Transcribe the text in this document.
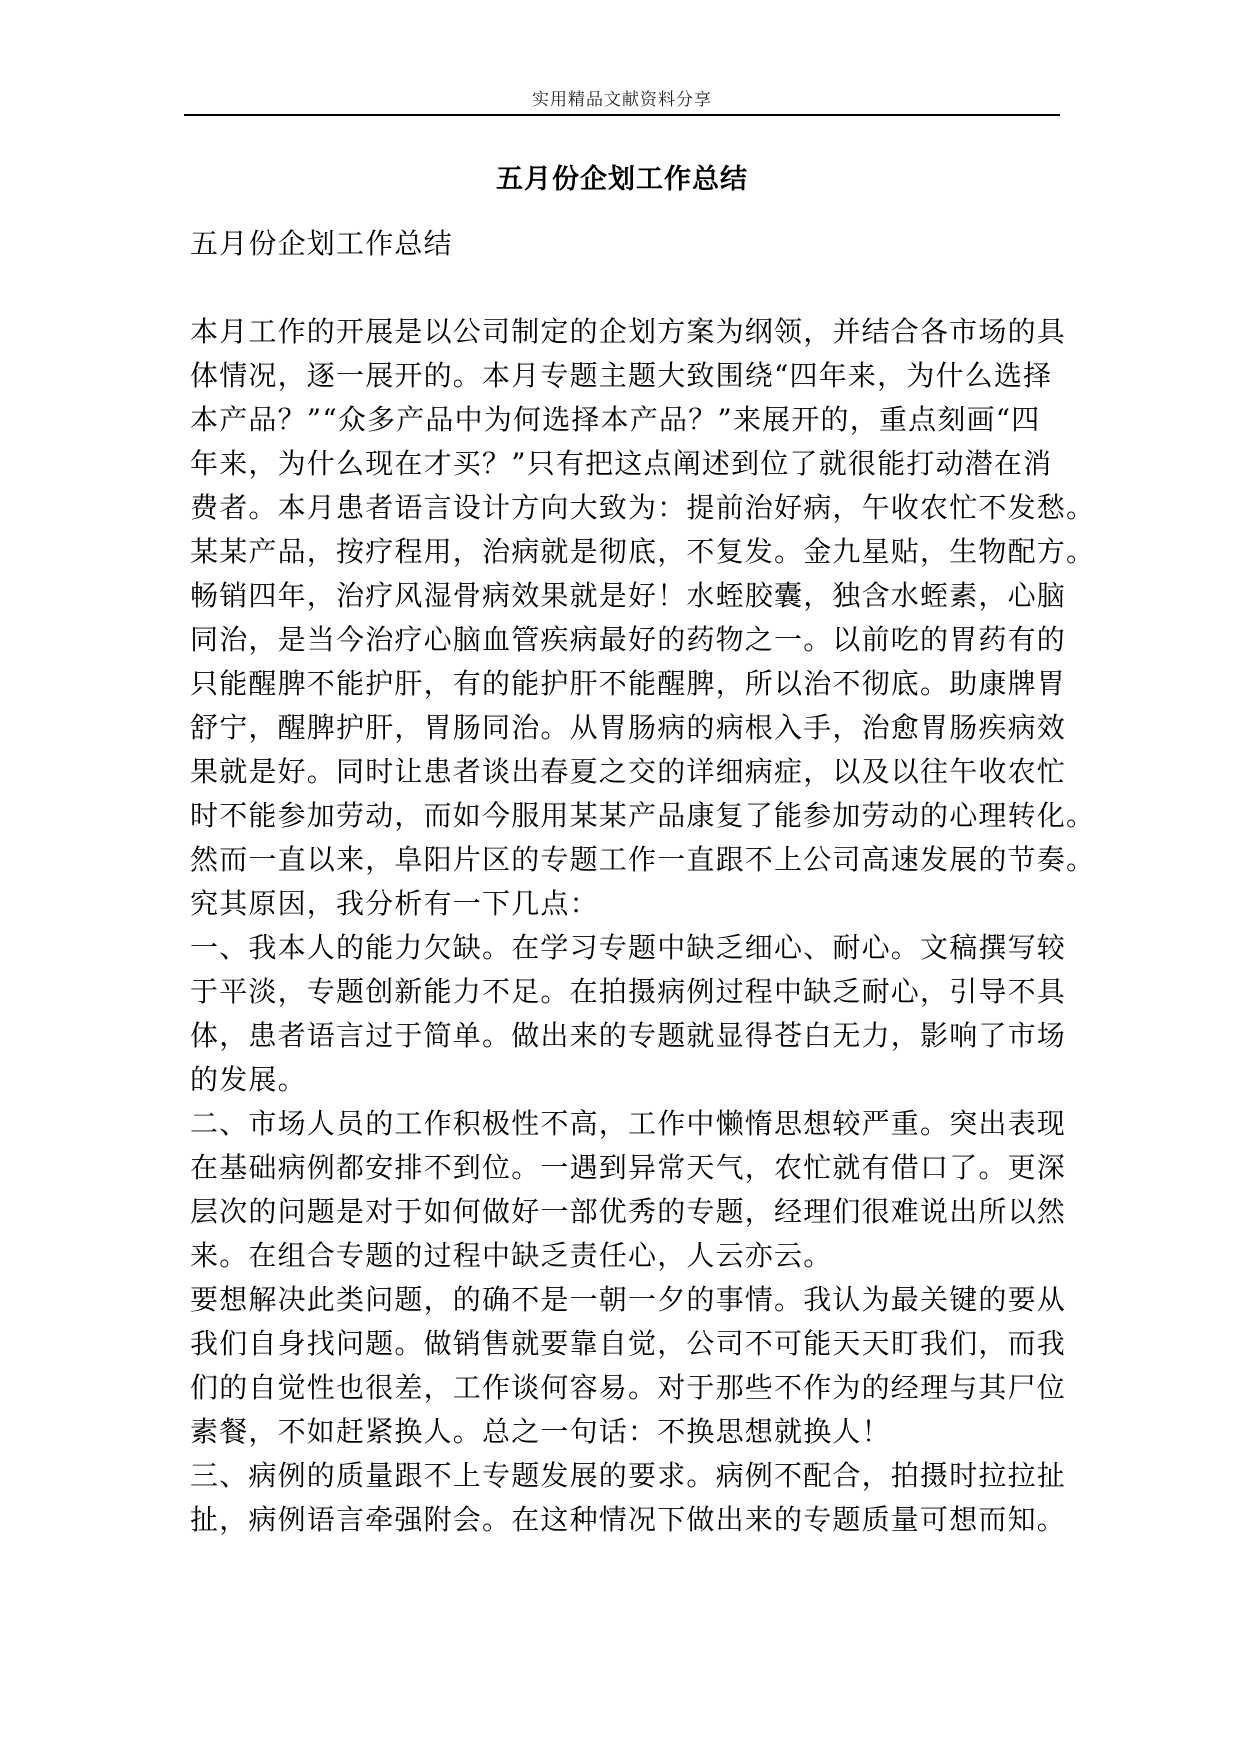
实用精品文献资料分享
五月份企划工作总结
五月份企划工作总结
本月工作的开展是以公司制定的企划方案为纲领，并结合各市场的具
体情况，逐一展开的。本月专题主题大致围绕“四年来，为什么选择
本产品？”“众多产品中为何选择本产品？”来展开的，重点刻画“四
年来，为什么现在才买？”只有把这点阐述到位了就很能打动潜在消
费者。本月患者语言设计方向大致为：提前治好病，午收农忙不发愁。
某某产品，按疗程用，治病就是彻底，不复发。金九星贴，生物配方。
畅销四年，治疗风湿骨病效果就是好！水蛭胶囊，独含水蛭素，心脑
同治，是当今治疗心脑血管疾病最好的药物之一。以前吃的胃药有的
只能醒脾不能护肝，有的能护肝不能醒脾，所以治不彻底。助康牌胃
舒宁，醒脾护肝，胃肠同治。从胃肠病的病根入手，治愈胃肠疾病效
果就是好。同时让患者谈出春夏之交的详细病症，以及以往午收农忙
时不能参加劳动，而如今服用某某产品康复了能参加劳动的心理转化。
然而一直以来，阜阳片区的专题工作一直跟不上公司高速发展的节奏。
究其原因，我分析有一下几点：
一、我本人的能力欠缺。在学习专题中缺乏细心、耐心。文稿撰写较
于平淡，专题创新能力不足。在拍摄病例过程中缺乏耐心，引导不具
体，患者语言过于简单。做出来的专题就显得苍白无力，影响了市场
的发展。
二、市场人员的工作积极性不高，工作中懒惰思想较严重。突出表现
在基础病例都安排不到位。一遇到异常天气，农忙就有借口了。更深
层次的问题是对于如何做好一部优秀的专题，经理们很难说出所以然
来。在组合专题的过程中缺乏责任心，人云亦云。
要想解决此类问题，的确不是一朝一夕的事情。我认为最关键的要从
我们自身找问题。做销售就要靠自觉，公司不可能天天盯我们，而我
们的自觉性也很差，工作谈何容易。对于那些不作为的经理与其尸位
素餐，不如赶紧换人。总之一句话：不换思想就换人！
三、病例的质量跟不上专题发展的要求。病例不配合，拍摄时拉拉扯
扯，病例语言牵强附会。在这种情况下做出来的专题质量可想而知。
